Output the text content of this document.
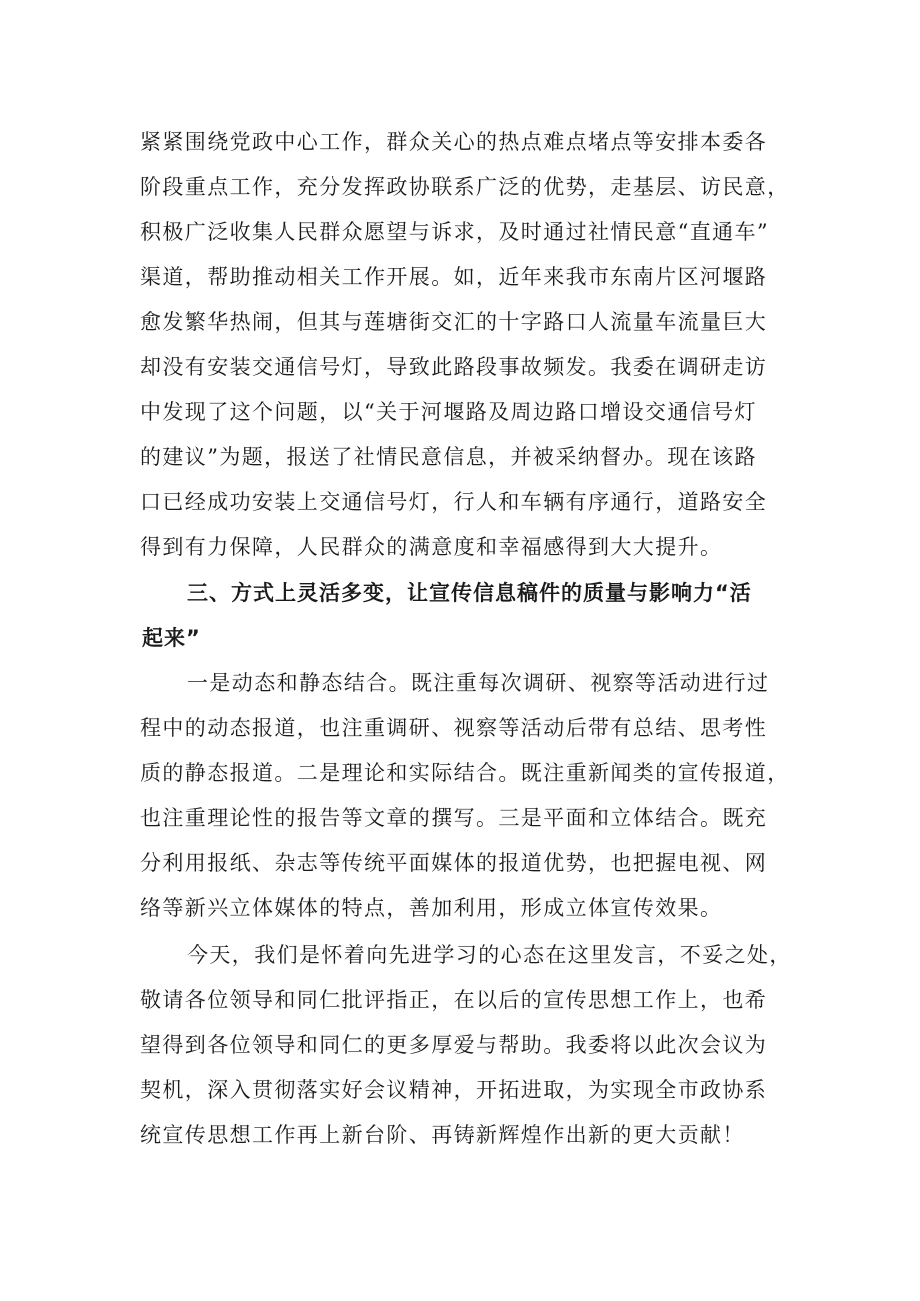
紧紧围绕党政中心工作，群众关心的热点难点堵点等安排本委各

阶段重点工作，充分发挥政协联系广泛的优势，走基层、访民意，

积极广泛收集人民群众愿望与诉求，及时通过社情民意“直通车”

渠道，帮助推动相关工作开展。如，近年来我市东南片区河堰路

愈发繁华热闹，但其与莲塘街交汇的十字路口人流量车流量巨大

却没有安装交通信号灯，导致此路段事故频发。我委在调研走访

中发现了这个问题，以“关于河堰路及周边路口增设交通信号灯

的建议”为题，报送了社情民意信息，并被采纳督办。现在该路

口已经成功安装上交通信号灯，行人和车辆有序通行，道路安全

得到有力保障，人民群众的满意度和幸福感得到大大提升。

三、方式上灵活多变，让宣传信息稿件的质量与影响力“活

起来”

一是动态和静态结合。既注重每次调研、视察等活动进行过

程中的动态报道，也注重调研、视察等活动后带有总结、思考性

质的静态报道。二是理论和实际结合。既注重新闻类的宣传报道，

也注重理论性的报告等文章的撰写。三是平面和立体结合。既充

分利用报纸、杂志等传统平面媒体的报道优势，也把握电视、网

络等新兴立体媒体的特点，善加利用，形成立体宣传效果。

今天，我们是怀着向先进学习的心态在这里发言，不妥之处，

敬请各位领导和同仁批评指正，在以后的宣传思想工作上，也希

望得到各位领导和同仁的更多厚爱与帮助。我委将以此次会议为

契机，深入贯彻落实好会议精神，开拓进取，为实现全市政协系

统宣传思想工作再上新台阶、再铸新辉煌作出新的更大贡献！
